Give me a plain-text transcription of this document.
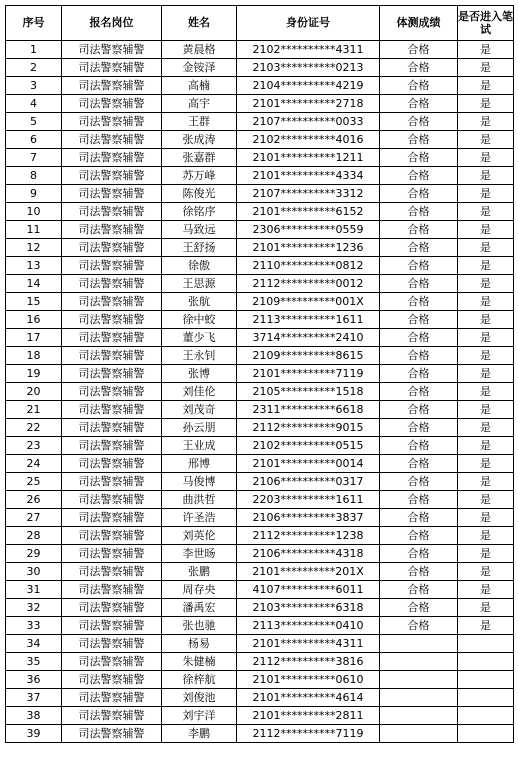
序号	报名岗位	姓名	身份证号	体测成绩	是否进入笔试
1	司法警察辅警	黄晨格	2102**********4311	合格	是
2	司法警察辅警	金铵泽	2103**********0213	合格	是
3	司法警察辅警	高楠	2104**********4219	合格	是
4	司法警察辅警	高宇	2101**********2718	合格	是
5	司法警察辅警	王群	2107**********0033	合格	是
6	司法警察辅警	张成涛	2102**********4016	合格	是
7	司法警察辅警	张嘉群	2101**********1211	合格	是
8	司法警察辅警	苏万峰	2101**********4334	合格	是
9	司法警察辅警	陈俊光	2107**********3312	合格	是
10	司法警察辅警	徐铭序	2101**********6152	合格	是
11	司法警察辅警	马致远	2306**********0559	合格	是
12	司法警察辅警	王舒扬	2101**********1236	合格	是
13	司法警察辅警	徐傲	2110**********0812	合格	是
14	司法警察辅警	王思源	2112**********0012	合格	是
15	司法警察辅警	张航	2109**********001X	合格	是
16	司法警察辅警	徐中蛟	2113**********1611	合格	是
17	司法警察辅警	董少飞	3714**********2410	合格	是
18	司法警察辅警	王永钊	2109**********8615	合格	是
19	司法警察辅警	张博	2101**********7119	合格	是
20	司法警察辅警	刘佳伦	2105**********1518	合格	是
21	司法警察辅警	刘茂奇	2311**********6618	合格	是
22	司法警察辅警	孙云朋	2112**********9015	合格	是
23	司法警察辅警	王业成	2102**********0515	合格	是
24	司法警察辅警	邢博	2101**********0014	合格	是
25	司法警察辅警	马俊博	2106**********0317	合格	是
26	司法警察辅警	曲洪哲	2203**********1611	合格	是
27	司法警察辅警	许圣浩	2106**********3837	合格	是
28	司法警察辅警	刘英伦	2112**********1238	合格	是
29	司法警察辅警	李世旸	2106**********4318	合格	是
30	司法警察辅警	张鹏	2101**********201X	合格	是
31	司法警察辅警	周存央	4107**********6011	合格	是
32	司法警察辅警	潘禹宏	2103**********6318	合格	是
33	司法警察辅警	张也驰	2113**********0410	合格	是
34	司法警察辅警	杨易	2101**********4311		
35	司法警察辅警	朱健楠	2112**********3816		
36	司法警察辅警	徐梓航	2101**********0610		
37	司法警察辅警	刘俊池	2101**********4614		
38	司法警察辅警	刘宇洋	2101**********2811		
39	司法警察辅警	李鹏	2112**********7119		
